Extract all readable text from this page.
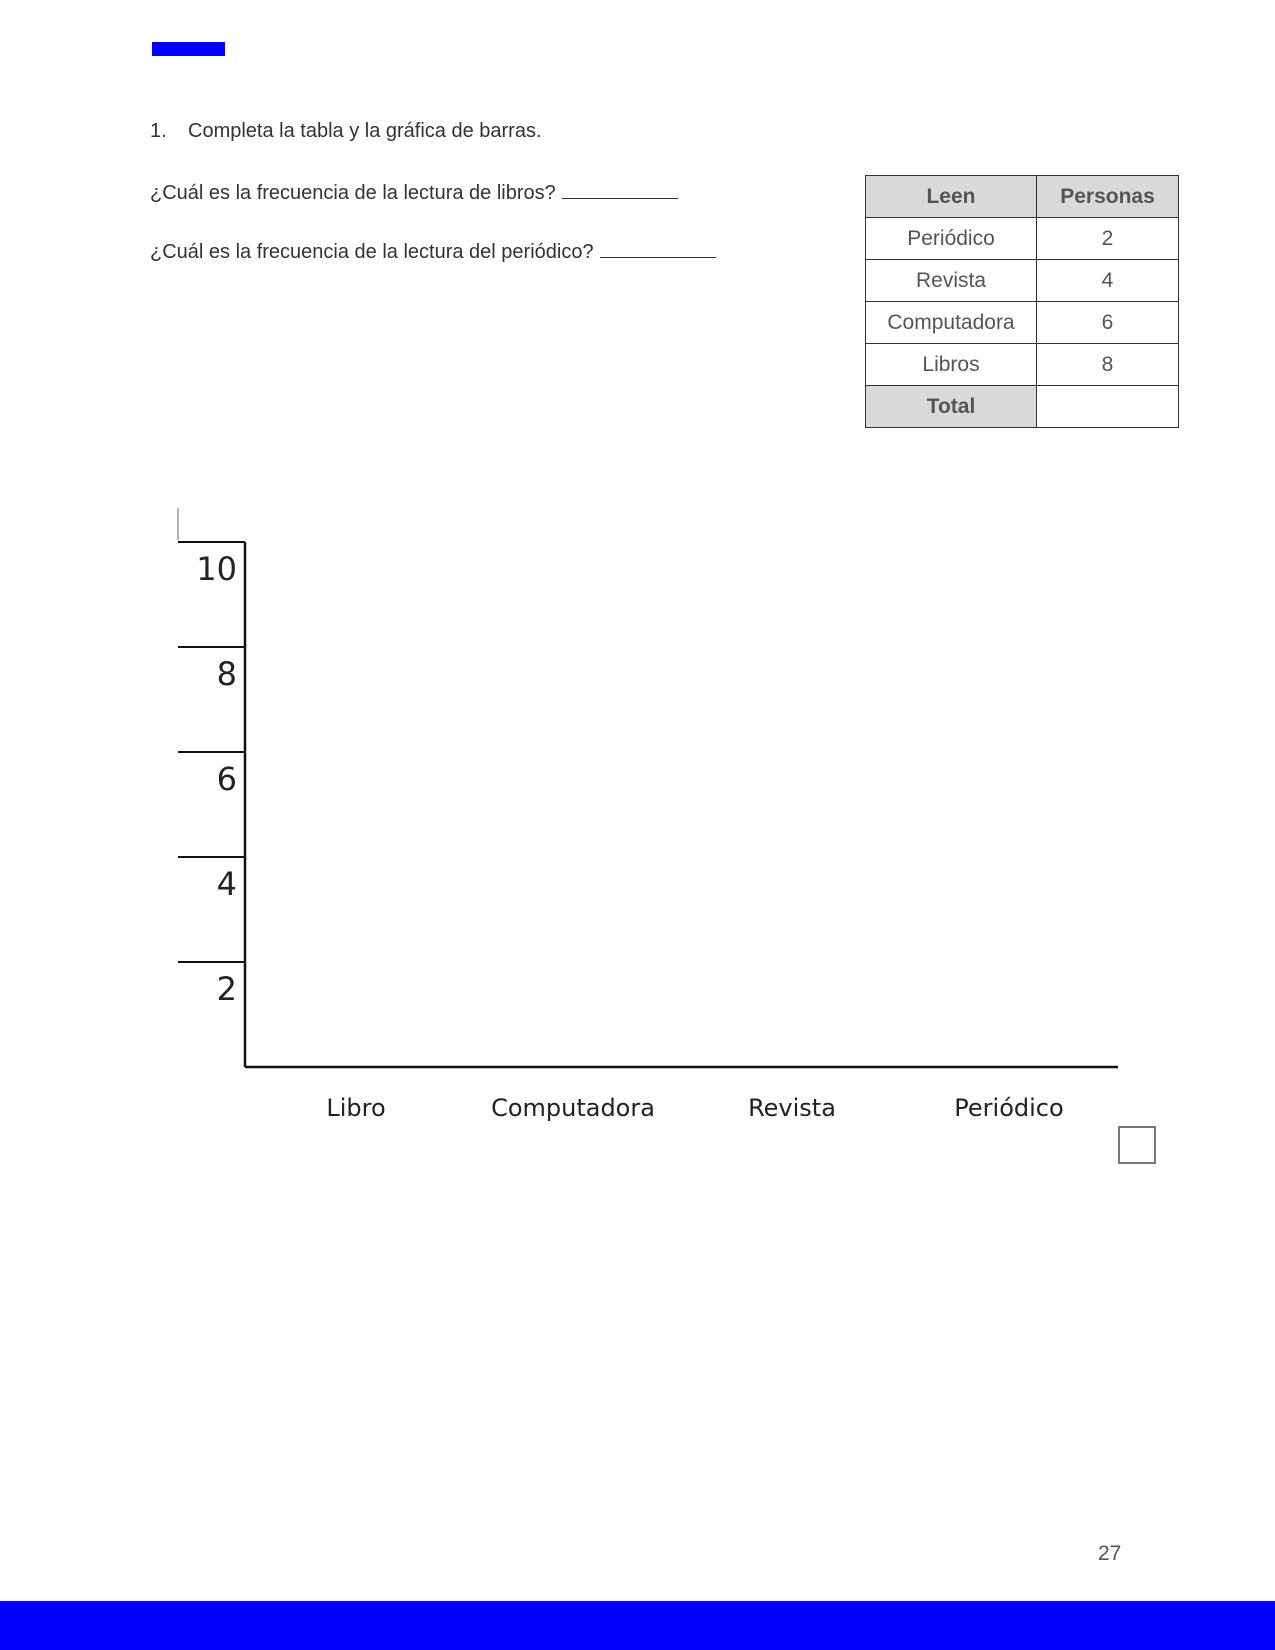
1. Completa la tabla y la gráfica de barras.
¿Cuál es la frecuencia de la lectura de libros?
¿Cuál es la frecuencia de la lectura del periódico?
Leen	Personas
Periódico	2
Revista	4
Computadora	6
Libros	8
Total	
2
4
6
8
10
Libro	Computadora	Revista	Periódico
27
